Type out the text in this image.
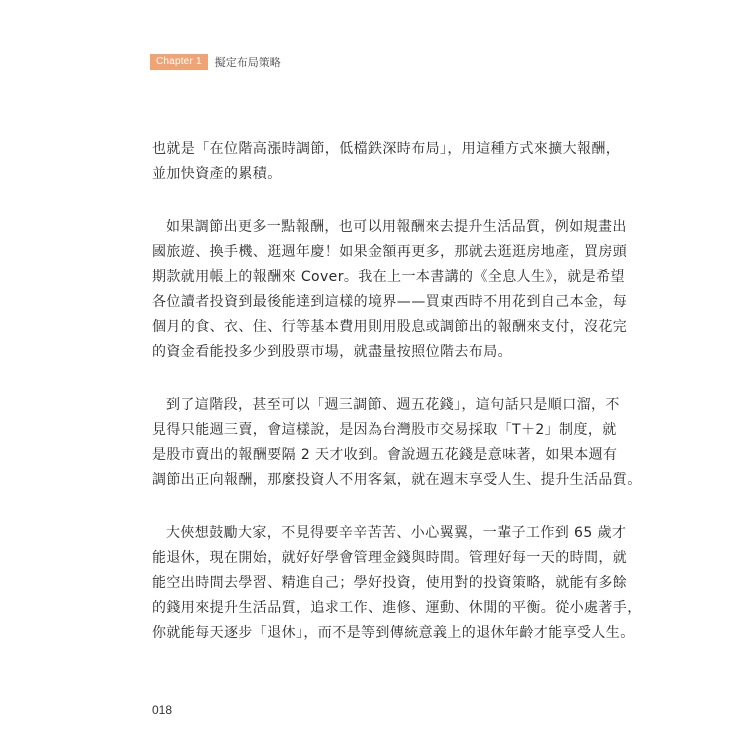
Chapter 1	擬定布局策略
也就是「在位階高漲時調節，低檔鉄深時布局」，用這種方式來擴大報酬，
並加快資產的累積。
如果調節出更多一點報酬，也可以用報酬來去提升生活品質，例如規畫出
國旅遊、換手機、逛週年慶！如果金額再更多，那就去逛逛房地產，買房頭
期款就用帳上的報酬來 Cover。我在上一本書講的《全息人生》，就是希望
各位讀者投資到最後能達到這樣的境界——買東西時不用花到自己本金，每
個月的食、衣、住、行等基本費用則用股息或調節出的報酬來支付，沒花完
的資金看能投多少到股票市場，就盡量按照位階去布局。
到了這階段，甚至可以「週三調節、週五花錢」，這句話只是順口溜，不
見得只能週三賣，會這樣說，是因為台灣股市交易採取「T＋2」制度，就
是股市賣出的報酬要隔 2 天才收到。會說週五花錢是意味著，如果本週有
調節出正向報酬，那麼投資人不用客氣，就在週末享受人生、提升生活品質。
大俠想鼓勵大家，不見得要辛辛苦苦、小心翼翼，一輩子工作到 65 歲才
能退休，現在開始，就好好學會管理金錢與時間。管理好每一天的時間，就
能空出時間去學習、精進自己；學好投資，使用對的投資策略，就能有多餘
的錢用來提升生活品質，追求工作、進修、運動、休閒的平衡。從小處著手，
你就能每天逐步「退休」，而不是等到傳統意義上的退休年齡才能享受人生。
018
